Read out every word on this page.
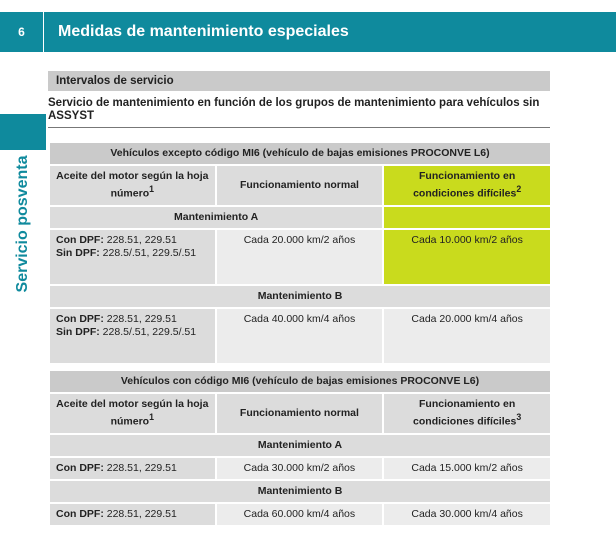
6	Medidas de mantenimiento especiales
Servicio posventa
Intervalos de servicio
Servicio de mantenimiento en función de los grupos de mantenimiento para vehículos sin ASSYST
Vehículos excepto código MI6 (vehículo de bajas emisiones PROCONVE L6)		
Aceite del motor según la hoja número$^1$	Funcionamiento normal	Funcionamiento en condiciones difíciles$^2$
Mantenimiento A		
Con DPF: 228.51, 229.51
Sin DPF: 228.5/.51, 229.5/.51	Cada 20.000 km/2 años	Cada 10.000 km/2 años
Mantenimiento B		
Con DPF: 228.51, 229.51
Sin DPF: 228.5/.51, 229.5/.51	Cada 40.000 km/4 años	Cada 20.000 km/4 años
Vehículos con código MI6 (vehículo de bajas emisiones PROCONVE L6)		
Aceite del motor según la hoja número$^1$	Funcionamiento normal	Funcionamiento en condiciones difíciles$^3$
Mantenimiento A		
Con DPF: 228.51, 229.51	Cada 30.000 km/2 años	Cada 15.000 km/2 años
Mantenimiento B		
Con DPF: 228.51, 229.51	Cada 60.000 km/4 años	Cada 30.000 km/4 años
